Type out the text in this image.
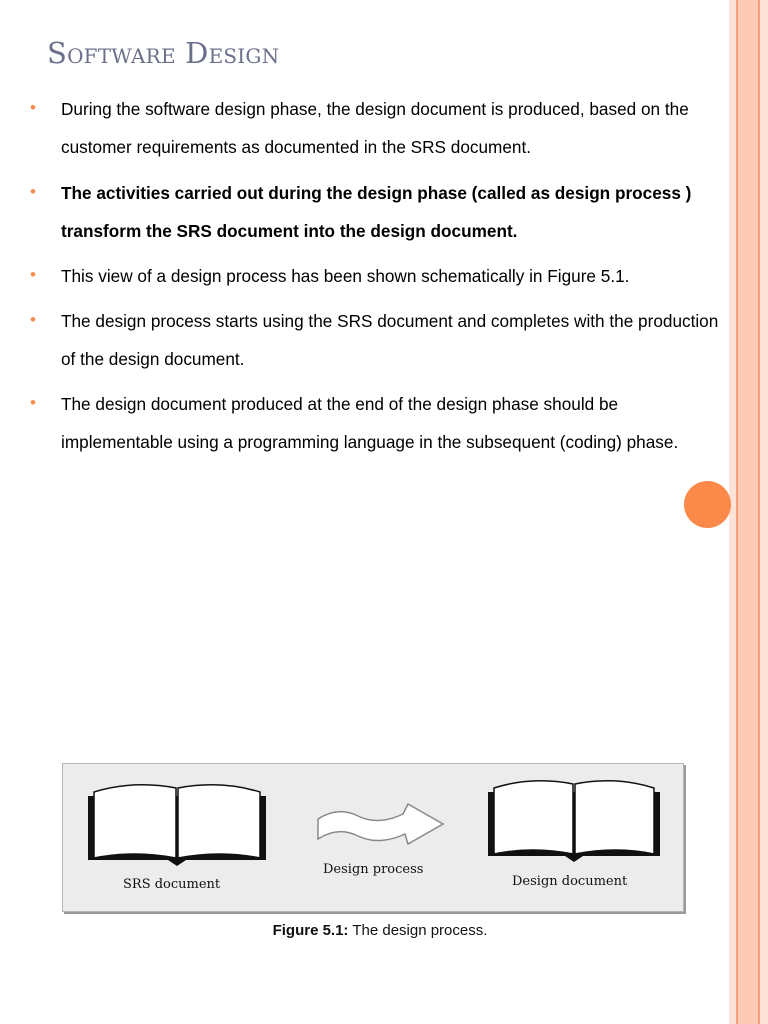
Software Design
• During the software design phase, the design document is produced, based on the customer requirements as documented in the SRS document.
• The activities carried out during the design phase (called as design process ) transform the SRS document into the design document.
• This view of a design process has been shown schematically in Figure 5.1.
• The design process starts using the SRS document and completes with the production of the design document.
• The design document produced at the end of the design phase should be implementable using a programming language in the subsequent (coding) phase.
SRS document
Design process
Design document
Figure 5.1: The design process.
